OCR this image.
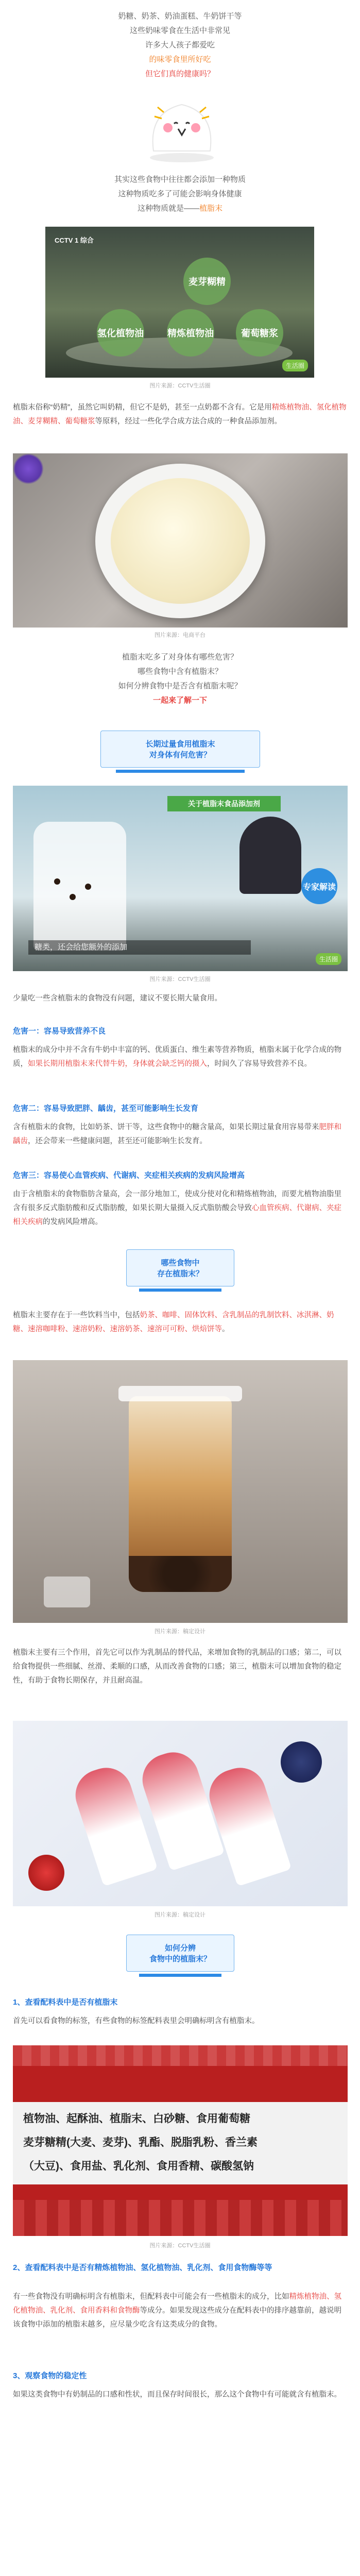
奶糖、奶茶、奶油蛋糕、牛奶饼干等
这些奶味零食在生活中非常见
许多大人孩子都爱吃
的味零食里所好吃
但它们真的健康吗？
其实这些食物中往往都会添加一种物质
这种物质吃多了可能会影响身体健康
这种物质就是——植脂末
CCTV 1 综合
麦芽糊精
氢化植物油	精炼植物油	葡萄糖浆
生活圈
图片来源：CCTV生活圈
植脂末俗称“奶精”，虽然它叫奶精，但它不是奶，甚至一点奶都不含有。它是用精炼植物油、氢化植物油、麦芽糊精、葡萄糖浆等原料，经过一些化学合成方法合成的一种食品添加剂。
图片来源：电商平台
植脂末吃多了对身体有哪些危害？
哪些食物中含有植脂末？
如何分辨食物中是否含有植脂末呢？
一起来了解一下
长期过量食用植脂末
对身体有何危害？
关于植脂末食品添加剂
专家解读
糖类，还会给您额外的添加
生活圈
图片来源：CCTV生活圈
少量吃一些含植脂末的食物没有问题，建议不要长期大量食用。
危害一：容易导致营养不良
植脂末的成分中并不含有牛奶中丰富的钙、优质蛋白、维生素等营养物质，植脂末属于化学合成的物质，如果长期用植脂末来代替牛奶，身体就会缺乏钙的摄入，时间久了容易导致营养不良。
危害二：容易导致肥胖、龋齿，甚至可能影响生长发育
含有植脂末的食物，比如奶茶、饼干等，这些食物中的糖含量高，如果长期过量食用容易带来肥胖和龋齿，还会带来一些健康问题，甚至还可能影响生长发育。
危害三：容易使心血管疾病、代谢病、夹症相关疾病的发病风险增高
由于含植脂末的食物脂肪含量高，会一部分地加工，使成分使对化和精炼植物油，而要尤植物油脂里含有很多反式脂肪酸和反式脂肪酸，如果长期大量摄入反式脂肪酸会导致心血管疾病、代谢病、夹症相关疾病的发病风险增高。
哪些食物中
存在植脂末？
植脂末主要存在于一些饮料当中，包括奶茶、咖啡、固体饮料、含乳制品的乳制饮料、冰淇淋、奶糖、速溶咖啡粉、速溶奶粉、速溶奶茶、速溶可可粉、烘焙饼等。
图片来源：稿定设计
植脂末主要有三个作用，首先它可以作为乳制品的替代品，来增加食物的乳制品的口感；第二，可以给食物提供一些细腻、丝滑、柔顺的口感，从而改善食物的口感；第三，植脂末可以增加食物的稳定性，有助于食物长期保存，并且耐高温。
图片来源：稿定设计
如何分辨
食物中的植脂末？
1、查看配料表中是否有植脂末
首先可以看食物的标签，有些食物的标签配料表里会明确标明含有植脂末。
植物油、起酥油、植脂末、白砂糖、食用葡萄糖
麦芽糖精(大麦、麦芽)、乳酯、脱脂乳粉、香兰素
（大豆)、食用盐、乳化剂、食用香精、碳酸氢钠
图片来源：CCTV生活圈
2、查看配料表中是否有精炼植物油、氢化植物油、乳化剂、食用食物酶等等
有一些食物没有明确标明含有植脂末，但配料表中可能会有一些植脂末的成分，比如精炼植物油、氢化植物油、乳化剂、食用香料和食物酶等成分。如果发现这些成分在配料表中的排序越靠前，越说明该食物中添加的植脂末越多，应尽量少吃含有这类成分的食物。
3、观察食物的稳定性
如果这类食物中有奶制品的口感和性状，而且保存时间很长，那么这个食物中有可能就含有植脂末。
